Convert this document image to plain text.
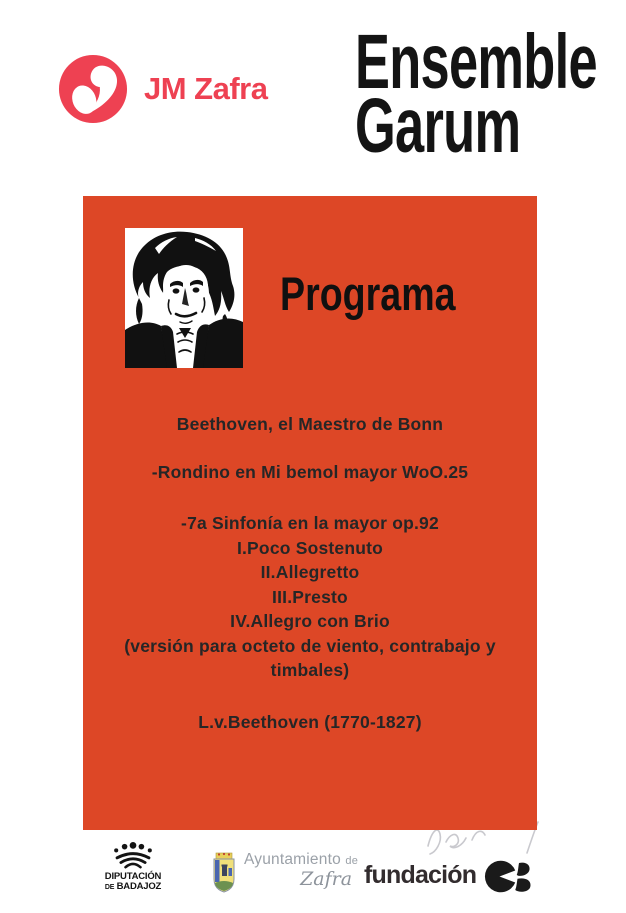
JM Zafra Ensemble
Garum
Programa
Beethoven, el Maestro de Bonn
-Rondino en Mi bemol mayor WoO.25
-7a Sinfonía en la mayor op.92
I.Poco Sostenuto
II.Allegretto
III.Presto
IV.Allegro con Brio
(versión para octeto de viento, contrabajo y timbales)
L.v.Beethoven (1770-1827)
DIPUTACIÓN
DE BADAJOZ
Ayuntamiento de
Zafra fundación
